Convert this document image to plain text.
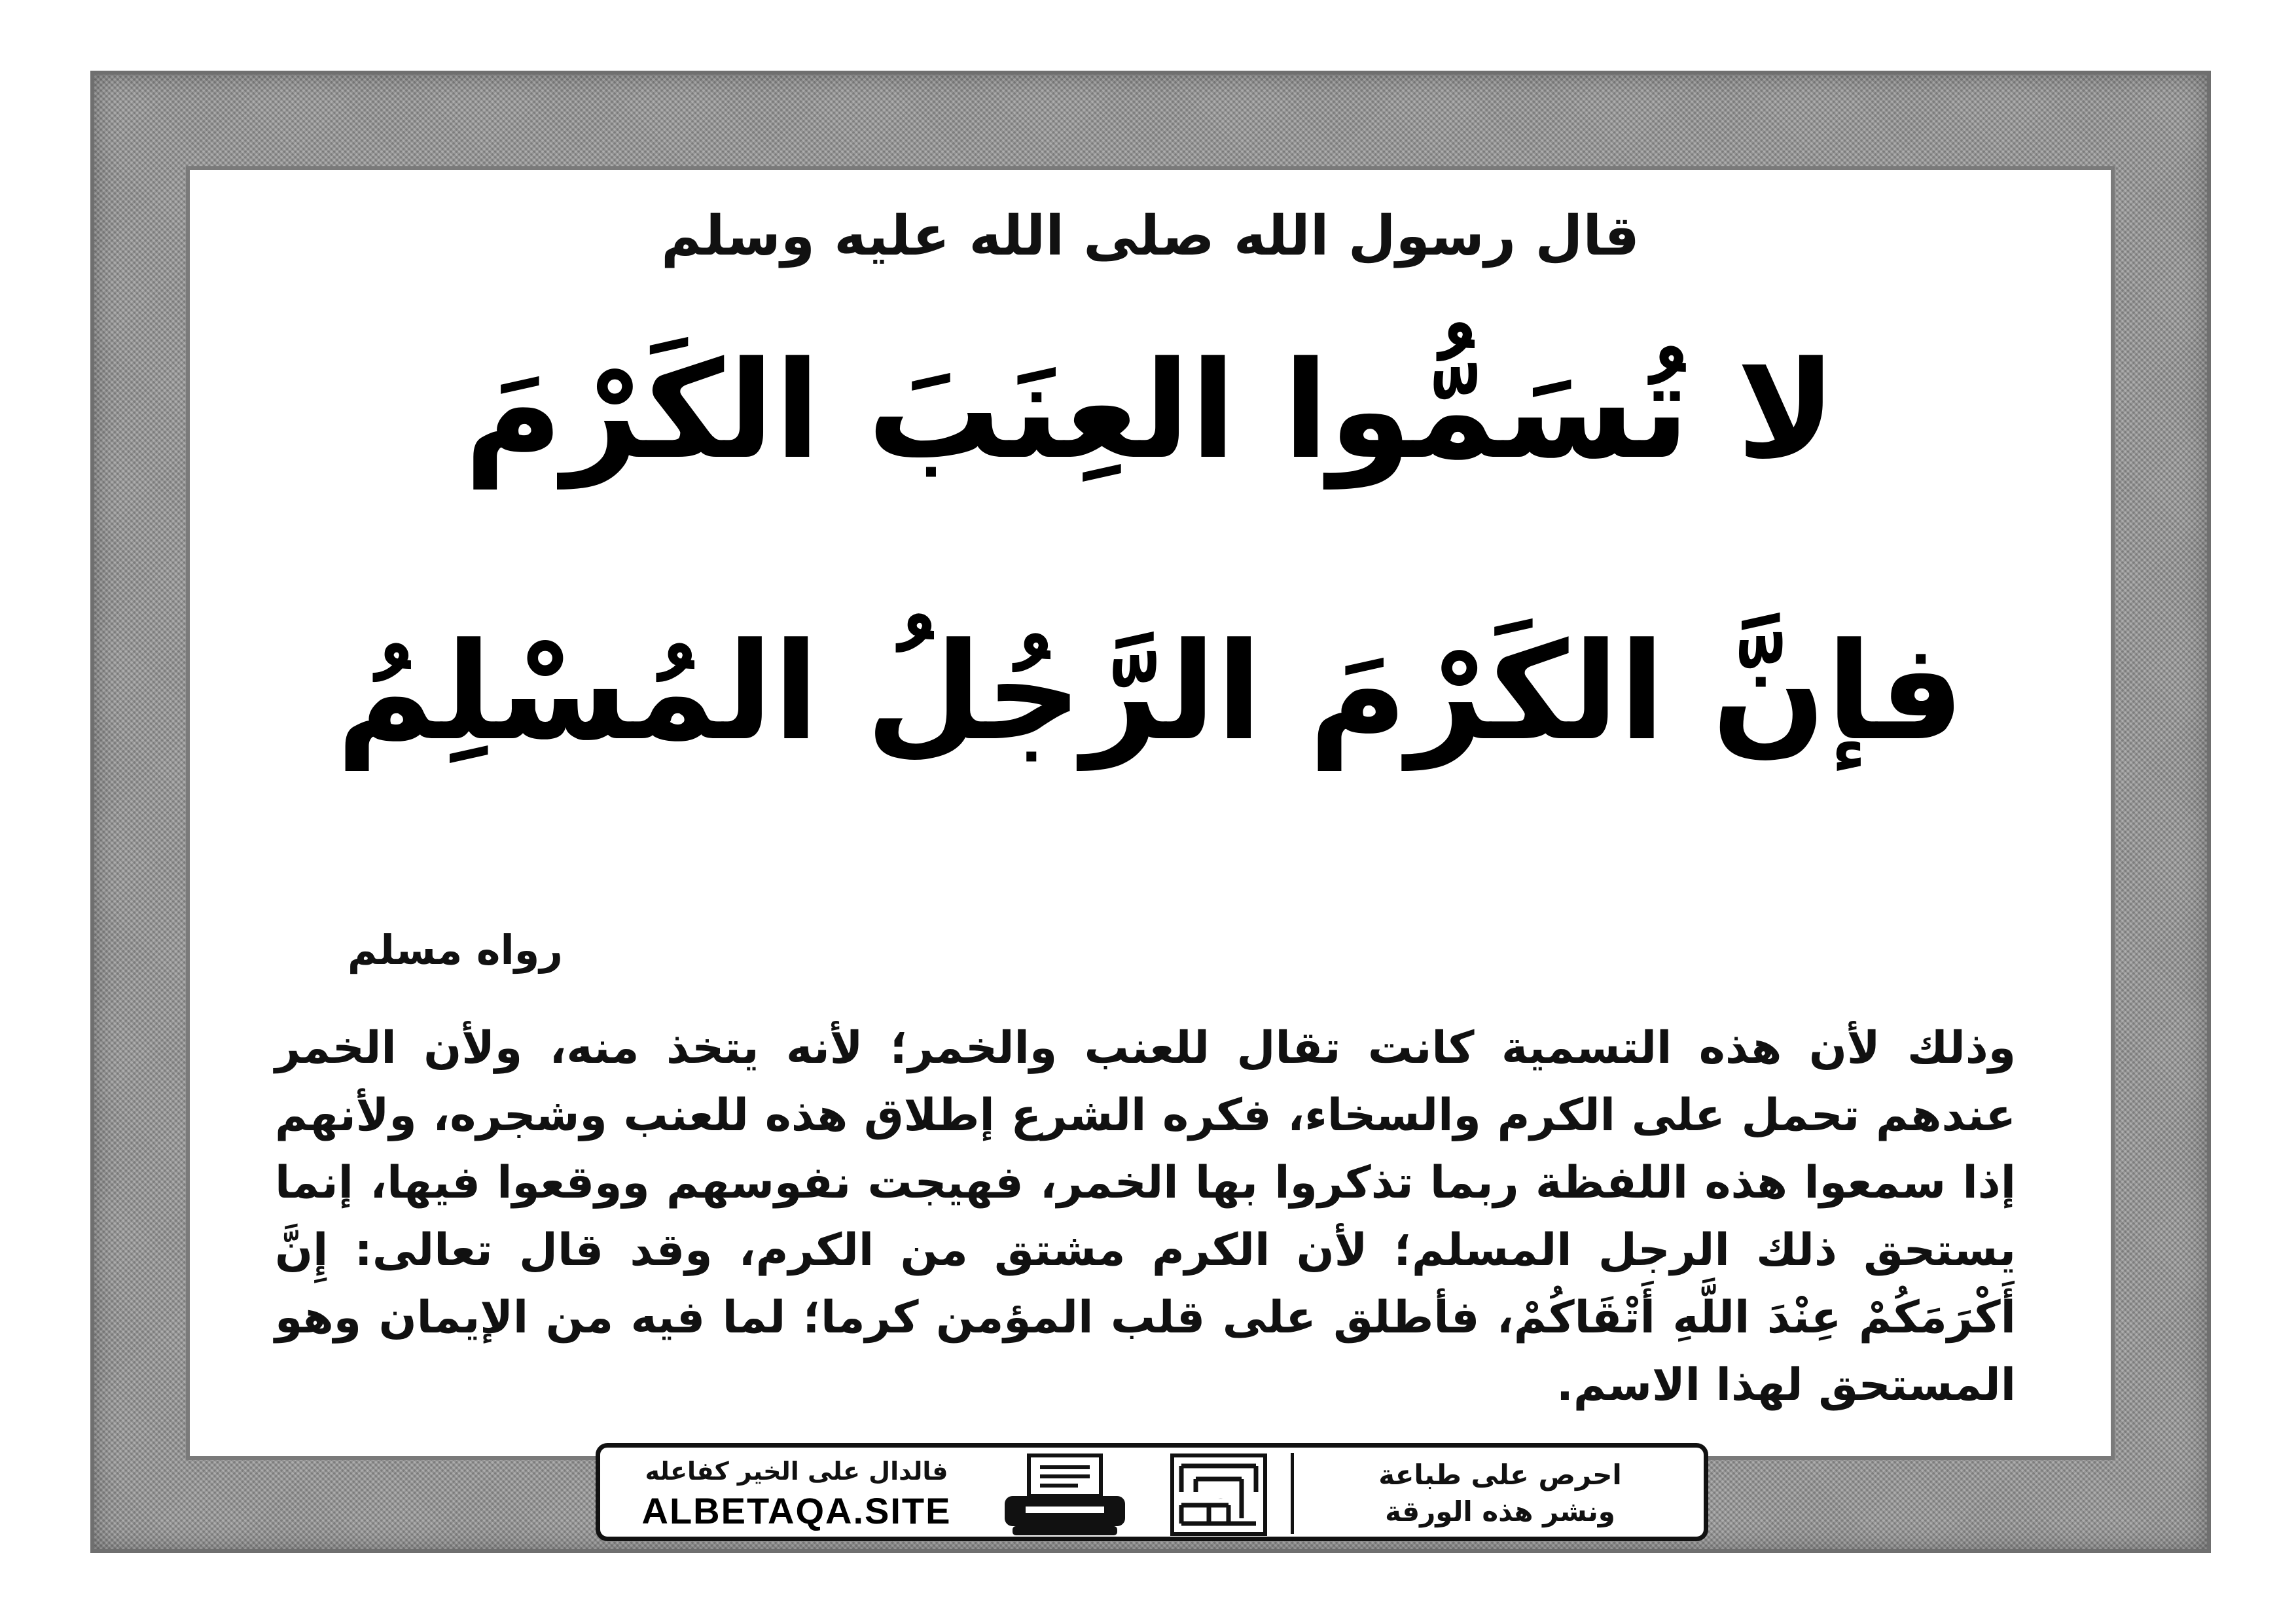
قال رسول الله صلى الله عليه وسلم
لا تُسَمُّوا العِنَبَ الكَرْمَ
فإنَّ الكَرْمَ الرَّجُلُ المُسْلِمُ
رواه مسلم
وذلك لأن هذه التسمية كانت تقال للعنب والخمر؛ لأنه يتخذ منه، ولأن الخمر عندهم تحمل على الكرم والسخاء، فكره الشرع إطلاق هذه للعنب وشجره، ولأنهم إذا سمعوا هذه اللفظة ربما تذكروا بها الخمر، فهيجت نفوسهم ووقعوا فيها، إنما يستحق ذلك الرجل المسلم؛ لأن الكرم مشتق من الكرم، وقد قال تعالى: إِنَّ أَكْرَمَكُمْ عِنْدَ اللَّهِ أَتْقَاكُمْ، فأطلق على قلب المؤمن كرما؛ لما فيه من الإيمان وهو المستحق لهذا الاسم.
فالدال على الخير كفاعله
ALBETAQA.SITE	دعوتك الورقة
احرص على طباعة
ونشر هذه الورقة
